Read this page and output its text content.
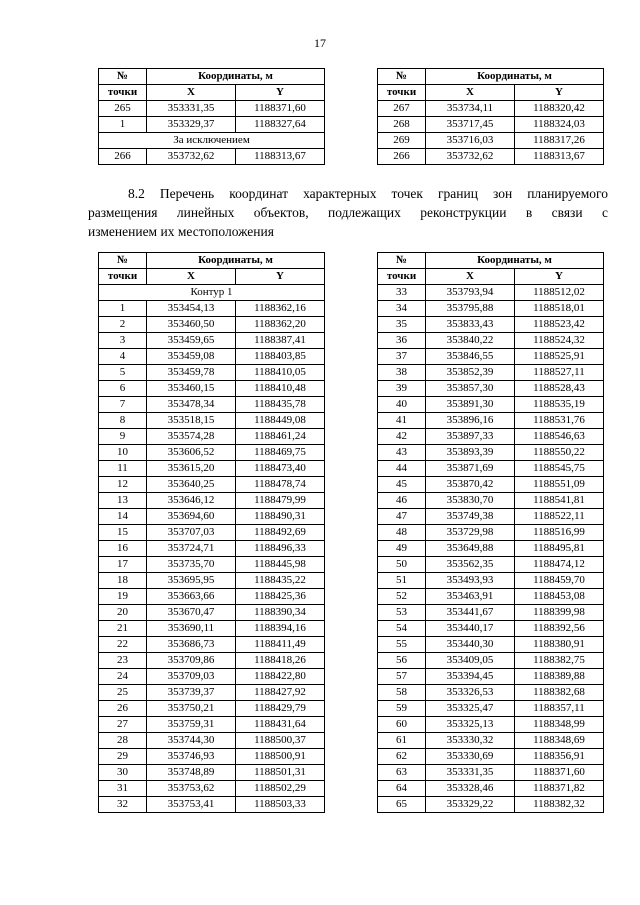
17
№	Координаты, м	
точки	X	Y
265	353331,35	1188371,60
1	353329,37	1188327,64
За исключением		
266	353732,62	1188313,67
№	Координаты, м	
точки	X	Y
267	353734,11	1188320,42
268	353717,45	1188324,03
269	353716,03	1188317,26
266	353732,62	1188313,67
8.2 Перечень координат характерных точек границ зон планируемого
размещения линейных объектов, подлежащих реконструкции в связи с
изменением их местоположения
№	Координаты, м	
точки	X	Y
Контур 1		
1	353454,13	1188362,16
2	353460,50	1188362,20
3	353459,65	1188387,41
4	353459,08	1188403,85
5	353459,78	1188410,05
6	353460,15	1188410,48
7	353478,34	1188435,78
8	353518,15	1188449,08
9	353574,28	1188461,24
10	353606,52	1188469,75
11	353615,20	1188473,40
12	353640,25	1188478,74
13	353646,12	1188479,99
14	353694,60	1188490,31
15	353707,03	1188492,69
16	353724,71	1188496,33
17	353735,70	1188445,98
18	353695,95	1188435,22
19	353663,66	1188425,36
20	353670,47	1188390,34
21	353690,11	1188394,16
22	353686,73	1188411,49
23	353709,86	1188418,26
24	353709,03	1188422,80
25	353739,37	1188427,92
26	353750,21	1188429,79
27	353759,31	1188431,64
28	353744,30	1188500,37
29	353746,93	1188500,91
30	353748,89	1188501,31
31	353753,62	1188502,29
32	353753,41	1188503,33
№	Координаты, м	
точки	X	Y
33	353793,94	1188512,02
34	353795,88	1188518,01
35	353833,43	1188523,42
36	353840,22	1188524,32
37	353846,55	1188525,91
38	353852,39	1188527,11
39	353857,30	1188528,43
40	353891,30	1188535,19
41	353896,16	1188531,76
42	353897,33	1188546,63
43	353893,39	1188550,22
44	353871,69	1188545,75
45	353870,42	1188551,09
46	353830,70	1188541,81
47	353749,38	1188522,11
48	353729,98	1188516,99
49	353649,88	1188495,81
50	353562,35	1188474,12
51	353493,93	1188459,70
52	353463,91	1188453,08
53	353441,67	1188399,98
54	353440,17	1188392,56
55	353440,30	1188380,91
56	353409,05	1188382,75
57	353394,45	1188389,88
58	353326,53	1188382,68
59	353325,47	1188357,11
60	353325,13	1188348,99
61	353330,32	1188348,69
62	353330,69	1188356,91
63	353331,35	1188371,60
64	353328,46	1188371,82
65	353329,22	1188382,32
